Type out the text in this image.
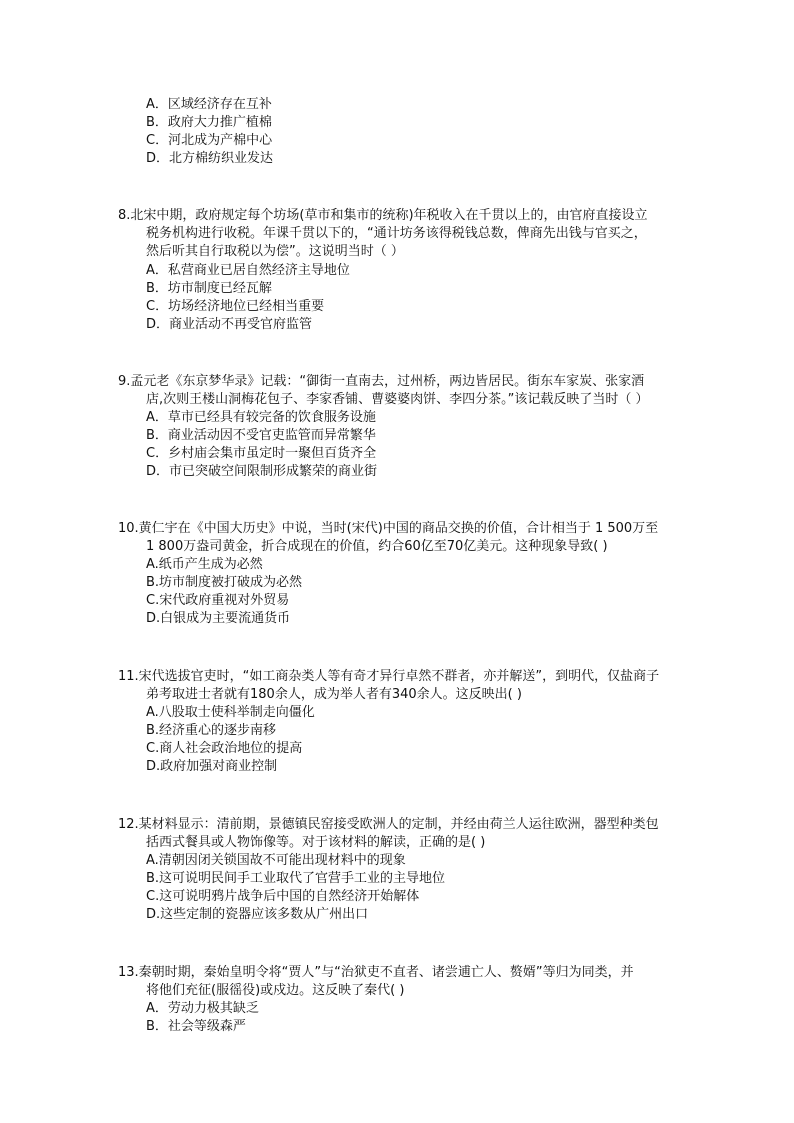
A．区域经济存在互补
B．政府大力推广植棉
C．河北成为产棉中心
D．北方棉纺织业发达
8.北宋中期，政府规定每个坊场(草市和集市的统称)年税收入在千贯以上的，由官府直接设立
税务机构进行收税。年课千贯以下的，“通计坊务该得税钱总数，俾商先出钱与官买之，
然后听其自行取税以为偿”。这说明当时（ ）
A．私营商业已居自然经济主导地位
B．坊市制度已经瓦解
C．坊场经济地位已经相当重要
D．商业活动不再受官府监管
9.孟元老《东京梦华录》记载：“御街一直南去，过州桥，两边皆居民。街东车家炭、张家酒
店,次则王楼山洞梅花包子、李家香铺、曹婆婆肉饼、李四分茶。”该记载反映了当时（ ）
A．草市已经具有较完备的饮食服务设施
B．商业活动因不受官吏监管而异常繁华
C．乡村庙会集市虽定时一聚但百货齐全
D．市已突破空间限制形成繁荣的商业街
10.黄仁宇在《中国大历史》中说，当时(宋代)中国的商品交换的价值，合计相当于 1 500万至
1 800万盎司黄金，折合成现在的价值，约合60亿至70亿美元。这种现象导致( )
A.纸币产生成为必然
B.坊市制度被打破成为必然
C.宋代政府重视对外贸易
D.白银成为主要流通货币
11.宋代选拔官吏时，“如工商杂类人等有奇才异行卓然不群者，亦并解送”，到明代，仅盐商子
弟考取进士者就有180余人，成为举人者有340余人。这反映出( )
A.八股取士使科举制走向僵化
B.经济重心的逐步南移
C.商人社会政治地位的提高
D.政府加强对商业控制
12.某材料显示：清前期，景德镇民窑接受欧洲人的定制，并经由荷兰人运往欧洲，器型种类包
括西式餐具或人物饰像等。对于该材料的解读，正确的是( )
A.清朝因闭关锁国故不可能出现材料中的现象
B.这可说明民间手工业取代了官营手工业的主导地位
C.这可说明鸦片战争后中国的自然经济开始解体
D.这些定制的瓷器应该多数从广州出口
13.秦朝时期，秦始皇明令将“贾人”与“治狱吏不直者、诸尝逋亡人、赘婿”等归为同类，并
将他们充征(服徭役)或戍边。这反映了秦代( )
A．劳动力极其缺乏
B．社会等级森严
